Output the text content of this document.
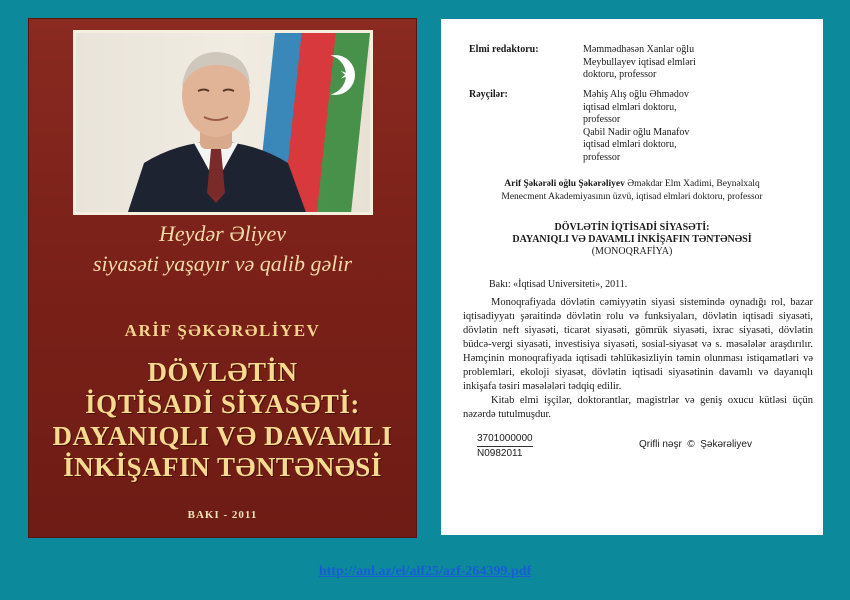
✶
Heydər Əliyev
siyasəti yaşayır və qalib gəlir
ARİF ŞƏKƏRƏLİYEV
DÖVLƏTİN
İQTİSADİ SİYASƏTİ:
DAYANIQLI VƏ DAVAMLI
İNKİŞAFIN TƏNTƏNƏSİ
BAKI - 2011
Elmi redaktoru:	Məmmədhəsən Xanlar oğlu
Meybullayev iqtisad elmləri
doktoru, professor
Rəyçilər:	Məhiş Alış oğlu Əhmədov
iqtisad elmləri doktoru,
professor
Qabil Nadir oğlu Manafov
iqtisad elmləri doktoru,
professor
Arif Şəkərəli oğlu Şəkərəliyev Əməkdar Elm Xadimi, Beynəlxalq
Menecment Akademiyasının üzvü, iqtisad elmləri doktoru, professor
DÖVLƏTİN İQTİSADİ SİYASƏTİ:
DAYANIQLI VƏ DAVAMLI İNKİŞAFIN TƏNTƏNƏSİ
(MONOQRAFİYA)
Bakı: «İqtisad Universiteti», 2011.
Monoqrafiyada dövlətin cəmiyyətin siyasi sistemində oynadığı rol, bazar iqtisadiyyatı şəraitində dövlətin rolu və funksiyaları, dövlətin iqtisadi siyasəti, dövlətin neft siyasəti, ticarət siyasəti, gömrük siyasəti, ixrac siyasəti, dövlətin büdcə-vergi siyasəti, investisiya siyasəti, sosial-siyasət və s. məsələlər araşdırılır. Həmçinin monoqrafiyada iqtisadi təhlükəsizliyin təmin olunması istiqamətləri və problemləri, ekoloji siyasət, dövlətin iqtisadi siyasətinin davamlı və dayanıqlı inkişafa təsiri məsələləri tədqiq edilir.
Kitab elmi işçilər, doktorantlar, magistrlər və geniş oxucu kütləsi üçün nəzərdə tutulmuşdur.
3701000000
N0982011
Qrifli nəşr  ©  Şəkərəliyev
http://anl.az/el/alf25/azf-264399.pdf
